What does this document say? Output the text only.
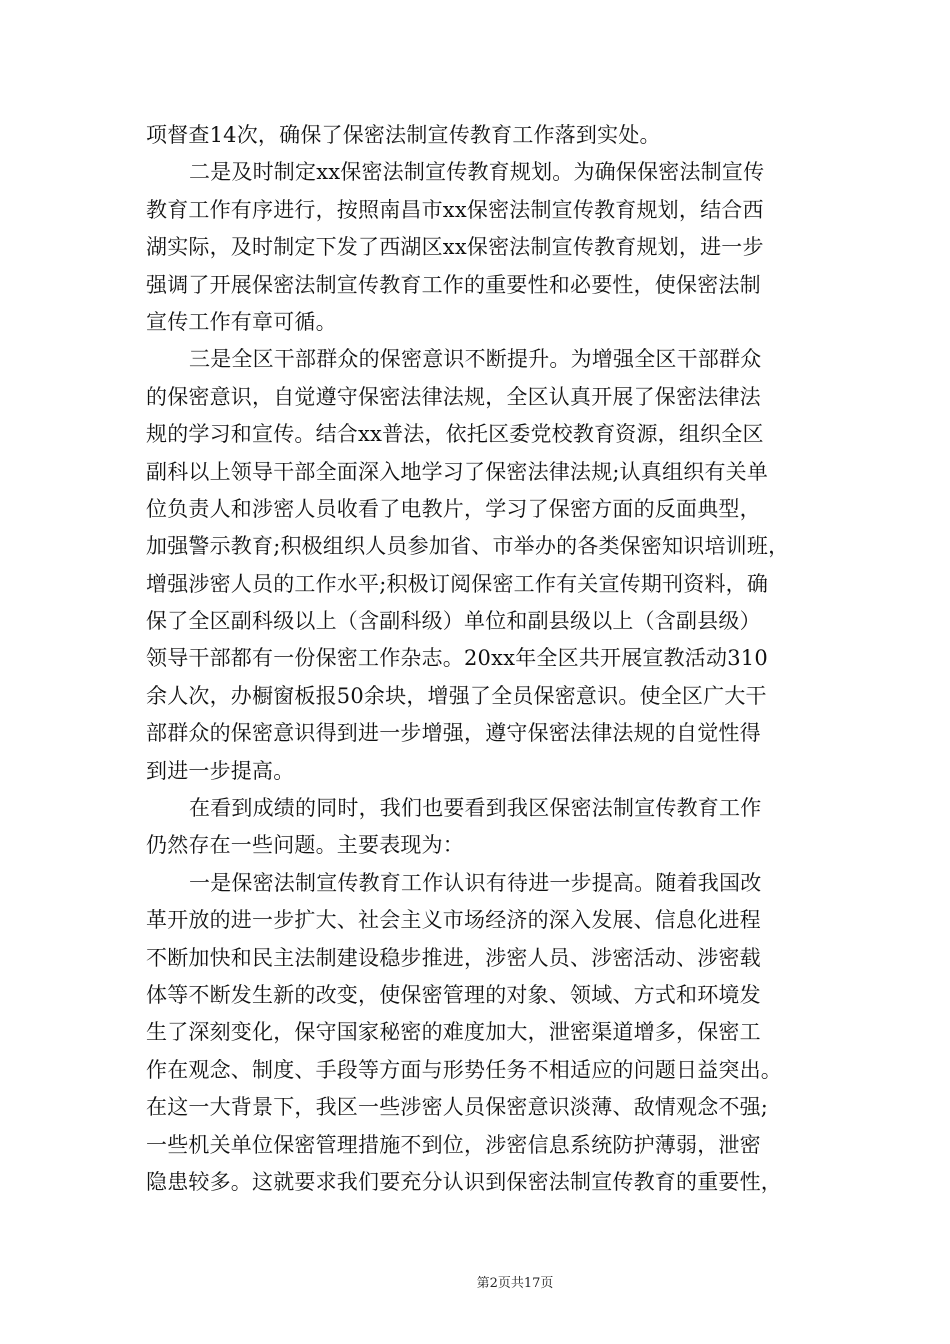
项督查14次，确保了保密法制宣传教育工作落到实处。
二是及时制定xx保密法制宣传教育规划。为确保保密法制宣传
教育工作有序进行，按照南昌市xx保密法制宣传教育规划，结合西
湖实际，及时制定下发了西湖区xx保密法制宣传教育规划，进一步
强调了开展保密法制宣传教育工作的重要性和必要性，使保密法制
宣传工作有章可循。
三是全区干部群众的保密意识不断提升。为增强全区干部群众
的保密意识，自觉遵守保密法律法规，全区认真开展了保密法律法
规的学习和宣传。结合xx普法，依托区委党校教育资源，组织全区
副科以上领导干部全面深入地学习了保密法律法规;认真组织有关单
位负责人和涉密人员收看了电教片，学习了保密方面的反面典型，
加强警示教育;积极组织人员参加省、市举办的各类保密知识培训班，
增强涉密人员的工作水平;积极订阅保密工作有关宣传期刊资料，确
保了全区副科级以上（含副科级）单位和副县级以上（含副县级）
领导干部都有一份保密工作杂志。20xx年全区共开展宣教活动310
余人次，办橱窗板报50余块，增强了全员保密意识。使全区广大干
部群众的保密意识得到进一步增强，遵守保密法律法规的自觉性得
到进一步提高。
在看到成绩的同时，我们也要看到我区保密法制宣传教育工作
仍然存在一些问题。主要表现为：
一是保密法制宣传教育工作认识有待进一步提高。随着我国改
革开放的进一步扩大、社会主义市场经济的深入发展、信息化进程
不断加快和民主法制建设稳步推进，涉密人员、涉密活动、涉密载
体等不断发生新的改变，使保密管理的对象、领域、方式和环境发
生了深刻变化，保守国家秘密的难度加大，泄密渠道增多，保密工
作在观念、制度、手段等方面与形势任务不相适应的问题日益突出。
在这一大背景下，我区一些涉密人员保密意识淡薄、敌情观念不强;
一些机关单位保密管理措施不到位，涉密信息系统防护薄弱，泄密
隐患较多。这就要求我们要充分认识到保密法制宣传教育的重要性，
第2页共17页
